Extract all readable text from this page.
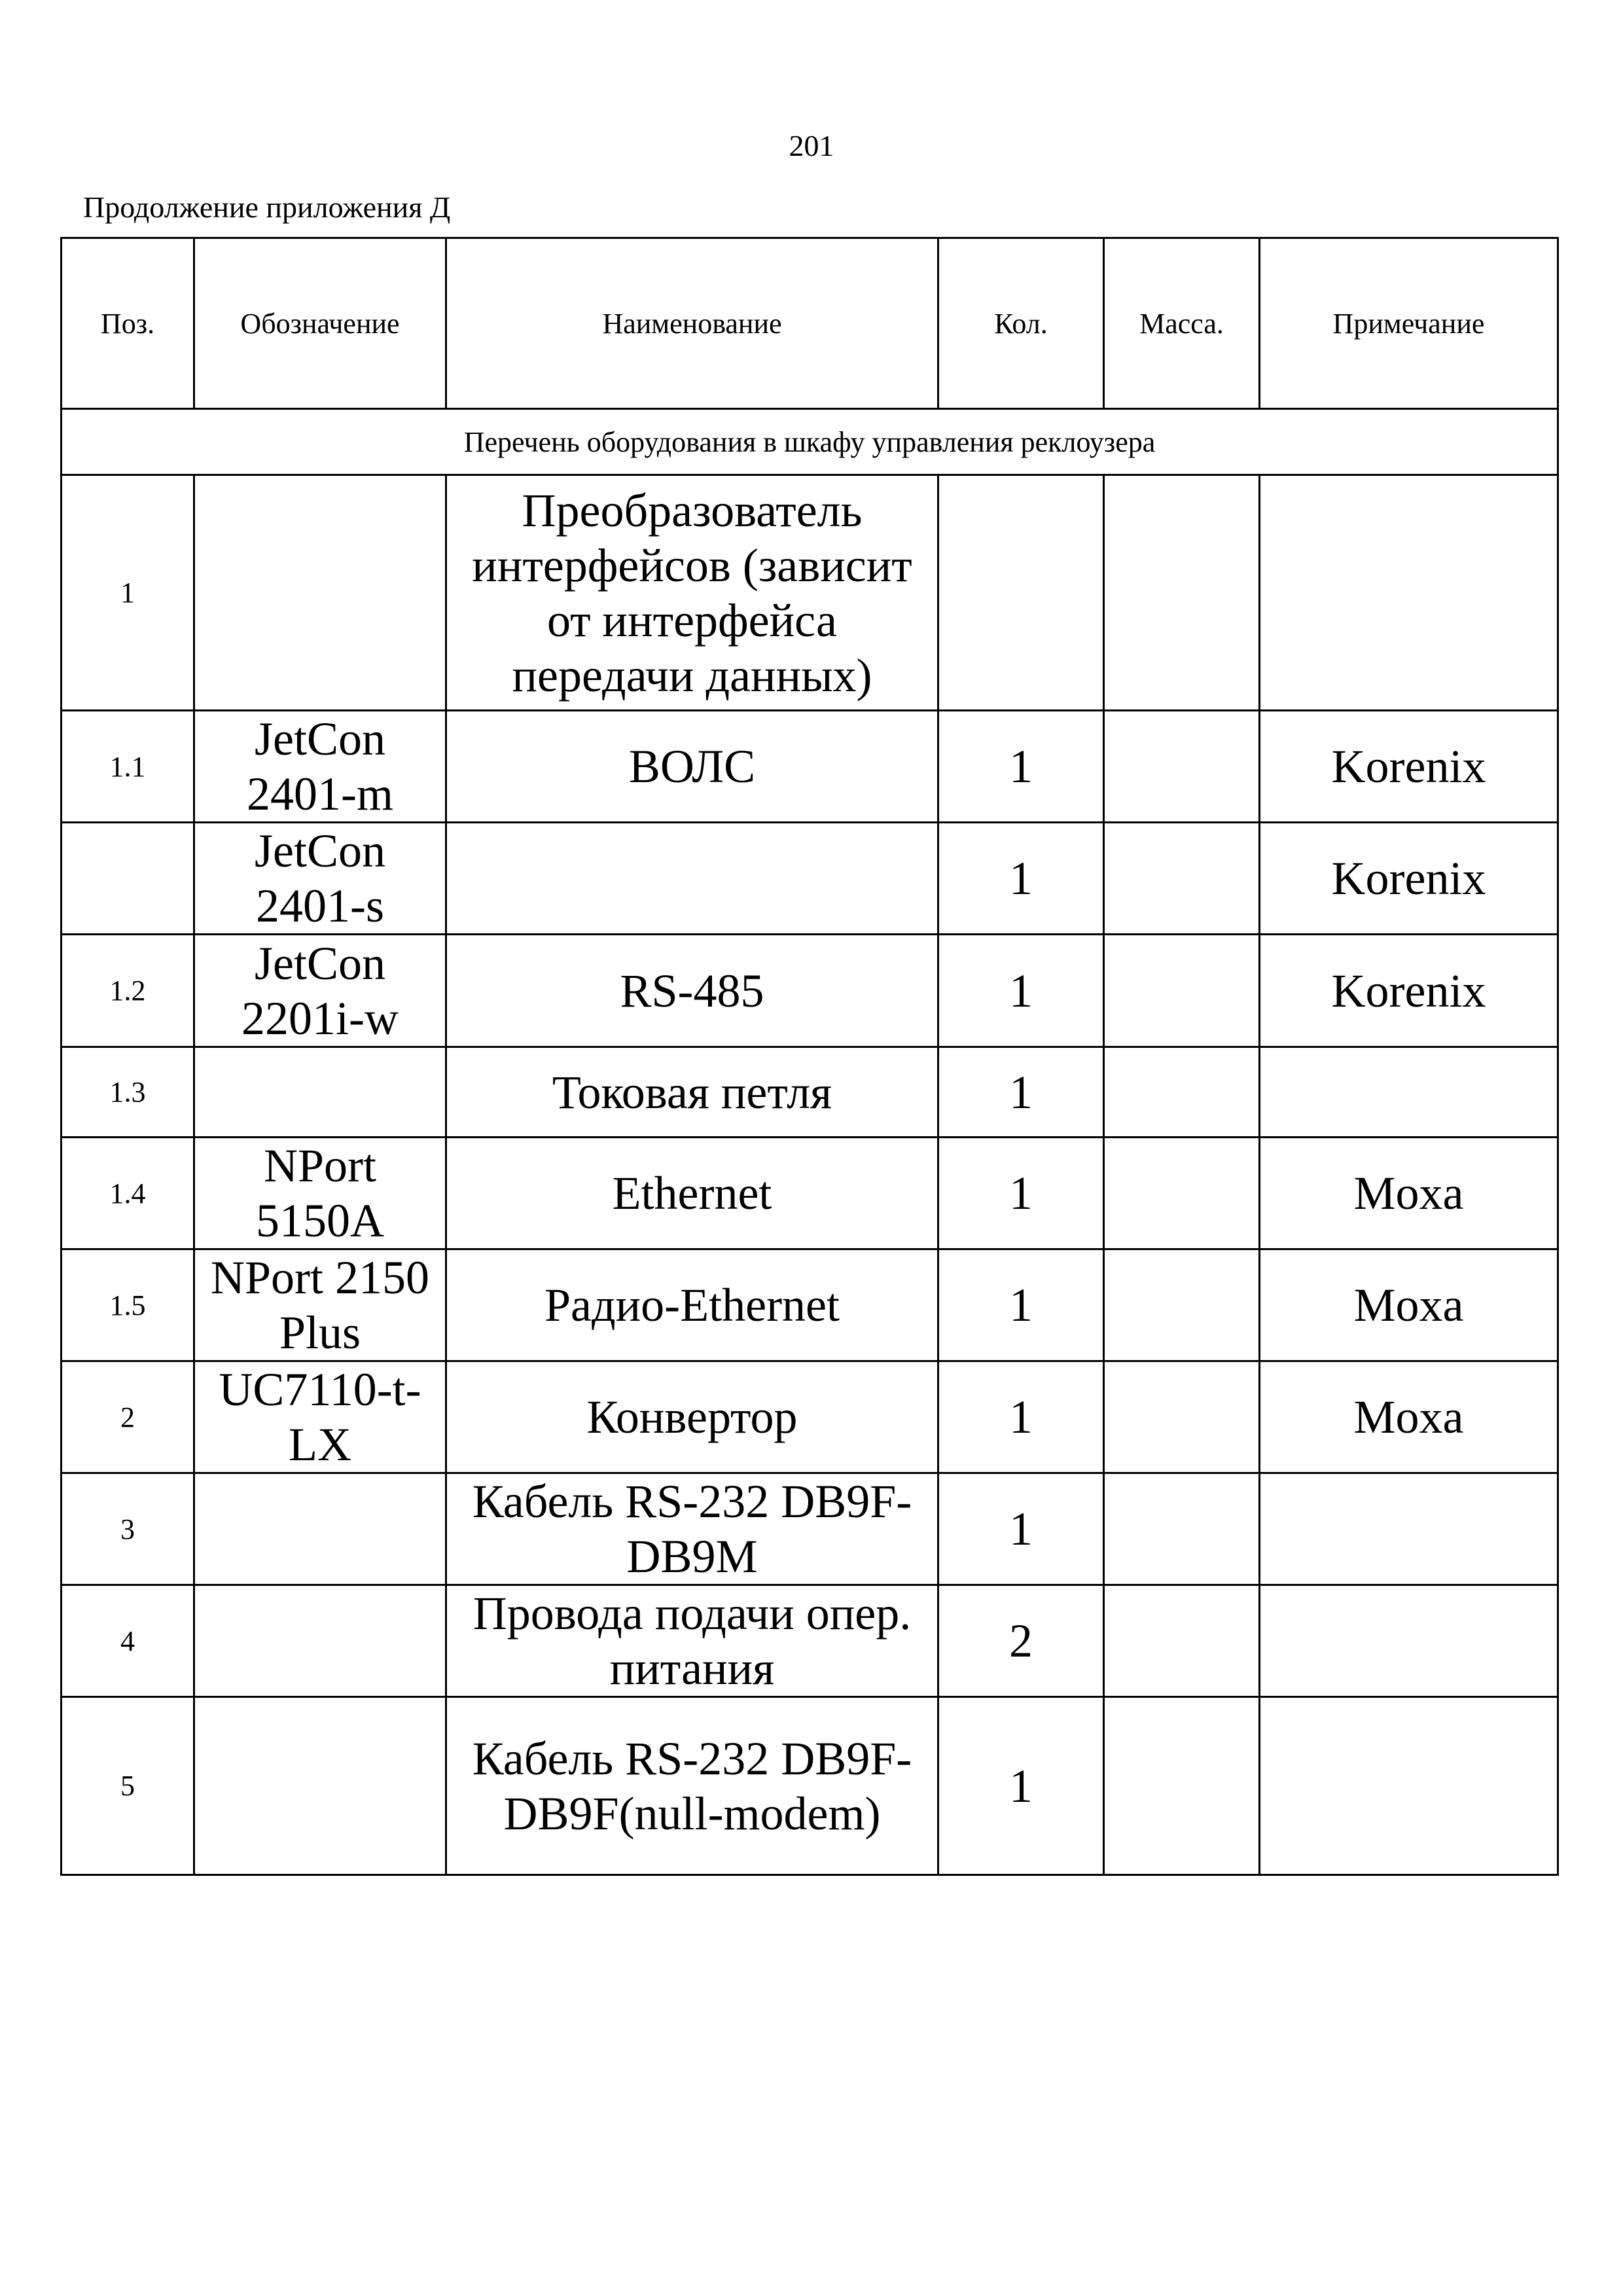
201
Продолжение приложения Д
Поз.	Обозначение	Наименование	Кол.	Масса.	Примечание
Перечень оборудования в шкафу управления реклоузера					
1		Преобразователь интерфейсов (зависит от интерфейса передачи данных)			
1.1	JetCon 2401-m	ВОЛС	1		Korenix
	JetCon 2401-s		1		Korenix
1.2	JetCon 2201i-w	RS-485	1		Korenix
1.3		Токовая петля	1		
1.4	NPort 5150A	Ethernet	1		Moxa
1.5	NPort 2150 Plus	Радио-Ethernet	1		Moxa
2	UC7110-t-LX	Конвертор	1		Moxa
3		Кабель RS-232 DB9F-DB9M	1		
4		Провода подачи опер. питания	2		
5		Кабель RS-232 DB9F-DB9F(null-modem)	1		
